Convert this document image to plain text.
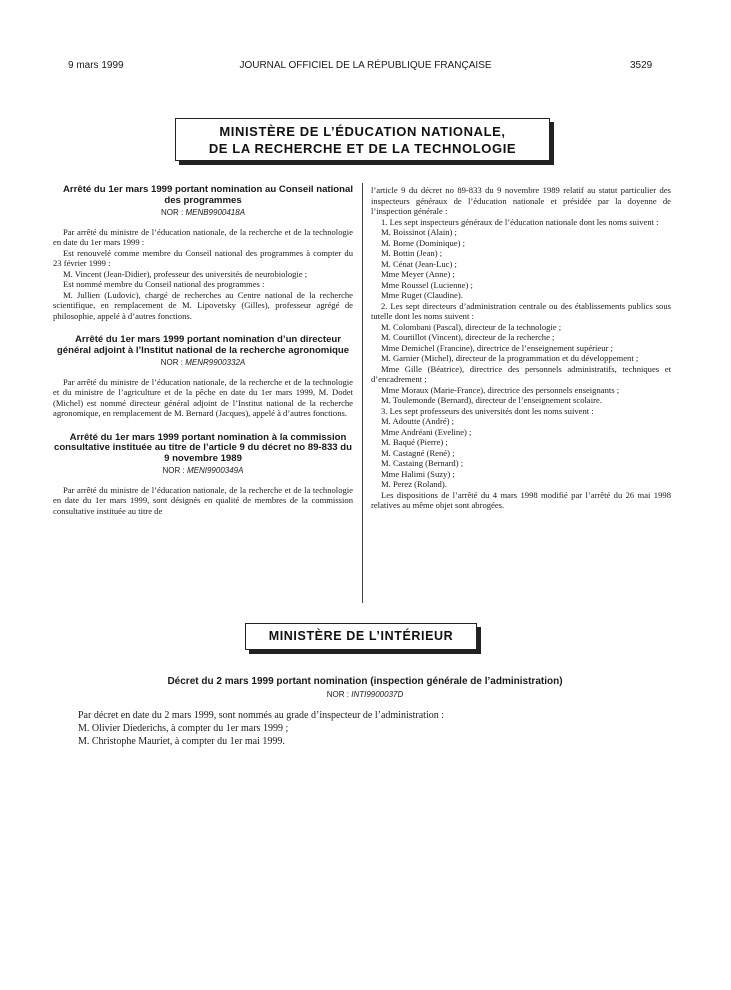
9 mars 1999	JOURNAL OFFICIEL DE LA RÉPUBLIQUE FRANÇAISE	3529
MINISTÈRE DE L’ÉDUCATION NATIONALE,
DE LA RECHERCHE ET DE LA TECHNOLOGIE

Arrêté du 1er mars 1999 portant nomination au Conseil national des programmes

NOR : MENB9900418A

Par arrêté du ministre de l’éducation nationale, de la recherche et de la technologie en date du 1er mars 1999 :

Est renouvelé comme membre du Conseil national des programmes à compter du 23 février 1999 :

M. Vincent (Jean-Didier), professeur des universités de neurobiologie ;

Est nommé membre du Conseil national des programmes :

M. Jullien (Ludovic), chargé de recherches au Centre national de la recherche scientifique, en remplacement de M. Lipovetsky (Gilles), professeur agrégé de philosophie, appelé à d’autres fonctions.

Arrêté du 1er mars 1999 portant nomination d’un directeur général adjoint à l’Institut national de la recherche agronomique

NOR : MENR9900332A

Par arrêté du ministre de l’éducation nationale, de la recherche et de la technologie et du ministre de l’agriculture et de la pêche en date du 1er mars 1999, M. Dodet (Michel) est nommé directeur général adjoint de l’Institut national de la recherche agronomique, en remplacement de M. Bernard (Jacques), appelé à d’autres fonctions.

Arrêté du 1er mars 1999 portant nomination à la commission consultative instituée au titre de l’article 9 du décret no 89-833 du 9 novembre 1989

NOR : MENI9900349A

Par arrêté du ministre de l’éducation nationale, de la recherche et de la technologie en date du 1er mars 1999, sont désignés en qualité de membres de la commission consultative instituée au titre de

l’article 9 du décret no 89-833 du 9 novembre 1989 relatif au statut particulier des inspecteurs généraux de l’éducation nationale et présidée par la doyenne de l’inspection générale :

1. Les sept inspecteurs généraux de l’éducation nationale dont les noms suivent :

M. Boissinot (Alain) ;

M. Borne (Dominique) ;

M. Bottin (Jean) ;

M. Cénat (Jean-Luc) ;

Mme Meyer (Anne) ;

Mme Roussel (Lucienne) ;

Mme Ruget (Claudine).

2. Les sept directeurs d’administration centrale ou des établissements publics sous tutelle dont les noms suivent :

M. Colombani (Pascal), directeur de la technologie ;

M. Courtillot (Vincent), directeur de la recherche ;

Mme Demichel (Francine), directrice de l’enseignement supérieur ;

M. Garnier (Michel), directeur de la programmation et du développement ;

Mme Gille (Béatrice), directrice des personnels administratifs, techniques et d’encadrement ;

Mme Moraux (Marie-France), directrice des personnels enseignants ;

M. Toulemonde (Bernard), directeur de l’enseignement scolaire.

3. Les sept professeurs des universités dont les noms suivent :

M. Adoutte (André) ;

Mme Andréani (Eveline) ;

M. Baqué (Pierre) ;

M. Castagné (René) ;

M. Castaing (Bernard) ;

Mme Halimi (Suzy) ;

M. Perez (Roland).

Les dispositions de l’arrêté du 4 mars 1998 modifié par l’arrêté du 26 mai 1998 relatives au même objet sont abrogées.

MINISTÈRE DE L’INTÉRIEUR

Décret du 2 mars 1999 portant nomination (inspection générale de l’administration)

NOR : INTI9900037D

Par décret en date du 2 mars 1999, sont nommés au grade d’inspecteur de l’administration :

M. Olivier Diederichs, à compter du 1er mars 1999 ;

M. Christophe Mauriet, à compter du 1er mai 1999.
